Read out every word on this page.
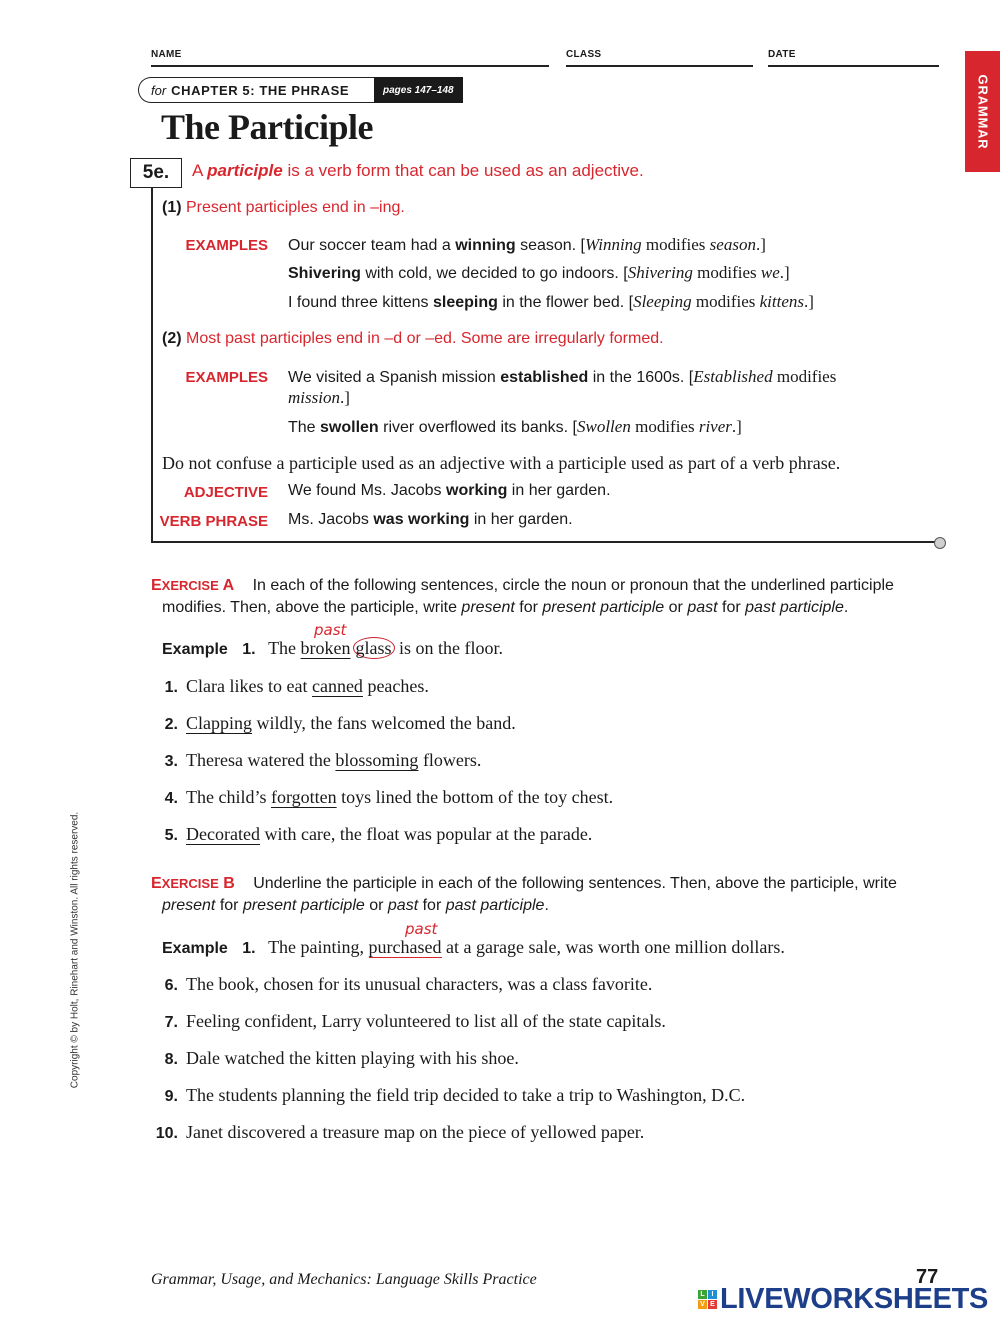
NAME	CLASS	DATE
GRAMMAR
for CHAPTER 5: THE PHRASE	pages 147–148
The Participle
5e.	A participle is a verb form that can be used as an adjective.
(1) Present participles end in –ing.
EXAMPLES Our soccer team had a winning season. [Winning modifies season.]
Shivering with cold, we decided to go indoors. [Shivering modifies we.]
I found three kittens sleeping in the flower bed. [Sleeping modifies kittens.]
(2) Most past participles end in –d or –ed. Some are irregularly formed.
EXAMPLES We visited a Spanish mission established in the 1600s. [Established modifies
mission.]
The swollen river overflowed its banks. [Swollen modifies river.]
Do not confuse a participle used as an adjective with a participle used as part of a verb phrase.
ADJECTIVE We found Ms. Jacobs working in her garden.
VERB PHRASE Ms. Jacobs was working in her garden.
EXERCISE A In each of the following sentences, circle the noun or pronoun that the underlined participle
modifies. Then, above the participle, write present for present participle or past for past participle.
past
Example 1. The broken glass is on the floor.
1. Clara likes to eat canned peaches.
2. Clapping wildly, the fans welcomed the band.
3. Theresa watered the blossoming flowers.
4. The child’s forgotten toys lined the bottom of the toy chest.
5. Decorated with care, the float was popular at the parade.
EXERCISE B Underline the participle in each of the following sentences. Then, above the participle, write
present for present participle or past for past participle.
past
Example 1. The painting, purchased at a garage sale, was worth one million dollars.
6. The book, chosen for its unusual characters, was a class favorite.
7. Feeling confident, Larry volunteered to list all of the state capitals.
8. Dale watched the kitten playing with his shoe.
9. The students planning the field trip decided to take a trip to Washington, D.C.
10. Janet discovered a treasure map on the piece of yellowed paper.
Copyright © by Holt, Rinehart and Winston. All rights reserved.
Grammar, Usage, and Mechanics: Language Skills Practice	77
L I
V E LIVEWORKSHEETS
